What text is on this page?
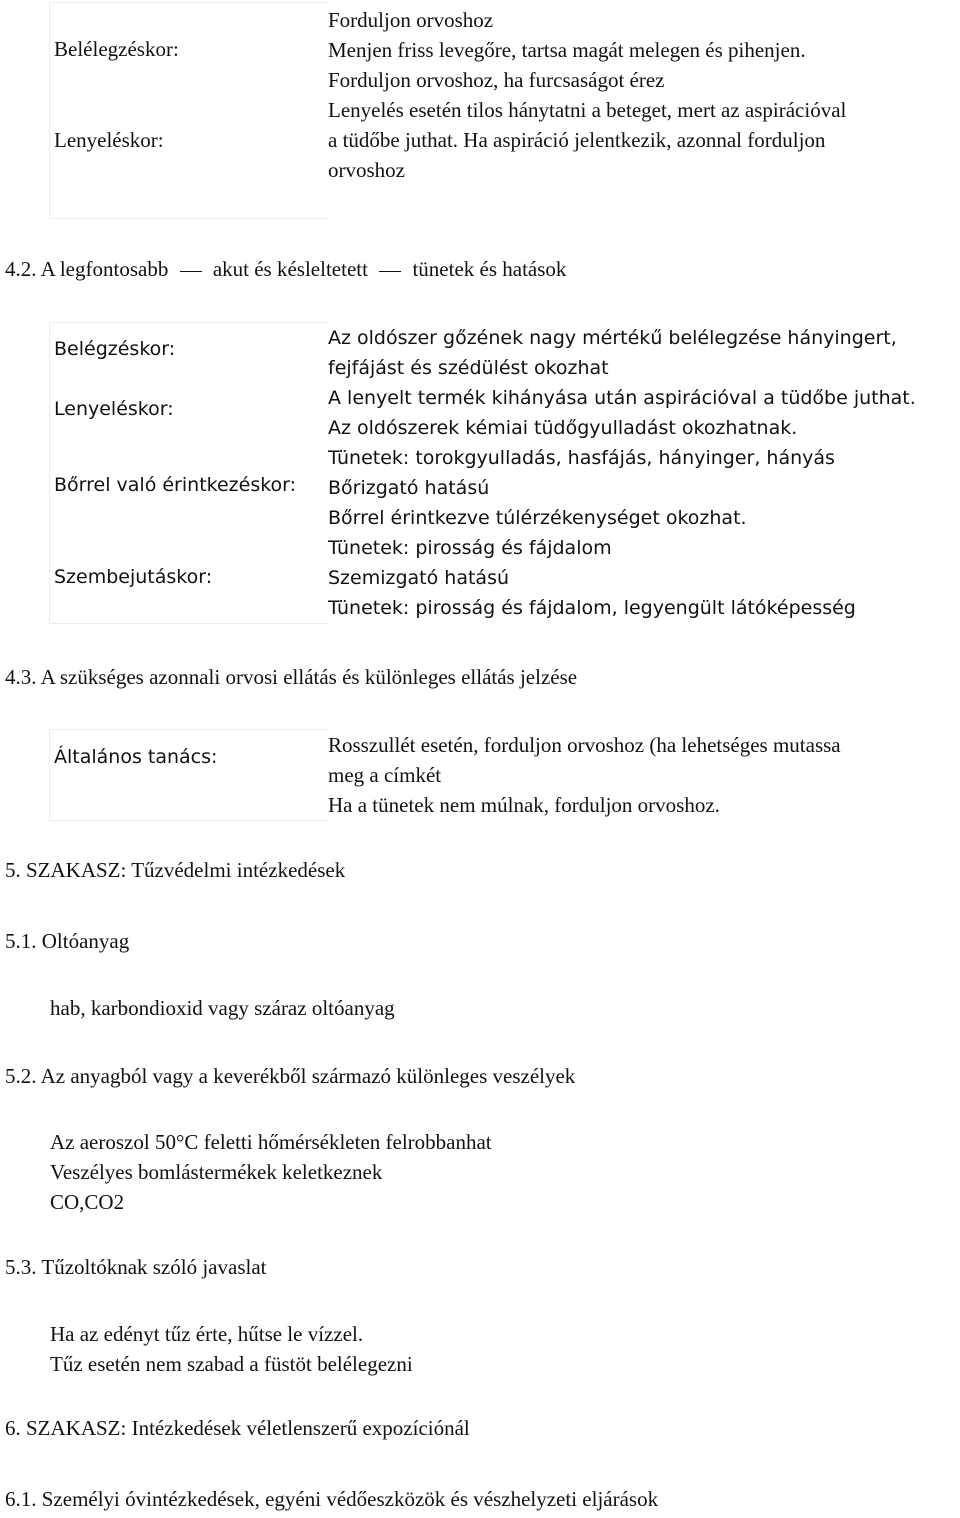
Belélegzéskor:
Lenyeléskor:
Forduljon orvoshoz
Menjen friss levegőre, tartsa magát melegen és pihenjen.
Forduljon orvoshoz, ha furcsaságot érez
Lenyelés esetén tilos hánytatni a beteget, mert az aspirációval
a tüdőbe juthat. Ha aspiráció jelentkezik, azonnal forduljon
orvoshoz
4.2. A legfontosabb akut és késleltetett tünetek és hatások
Belégzéskor:
Lenyeléskor:
Bőrrel való érintkezéskor:
Szembejutáskor:
Az oldószer gőzének nagy mértékű belélegzése hányingert,
fejfájást és szédülést okozhat
A lenyelt termék kihányása után aspirációval a tüdőbe juthat.
Az oldószerek kémiai tüdőgyulladást okozhatnak.
Tünetek: torokgyulladás, hasfájás, hányinger, hányás
Bőrizgató hatású
Bőrrel érintkezve túlérzékenységet okozhat.
Tünetek: pirosság és fájdalom
Szemizgató hatású
Tünetek: pirosság és fájdalom, legyengült látóképesség
4.3. A szükséges azonnali orvosi ellátás és különleges ellátás jelzése
Általános tanács:	Rosszullét esetén, forduljon orvoshoz (ha lehetséges mutassa
meg a címkét
Ha a tünetek nem múlnak, forduljon orvoshoz.
5. SZAKASZ: Tűzvédelmi intézkedések
5.1. Oltóanyag
hab, karbondioxid vagy száraz oltóanyag
5.2. Az anyagból vagy a keverékből származó különleges veszélyek
Az aeroszol 50°C feletti hőmérsékleten felrobbanhat
Veszélyes bomlástermékek keletkeznek
CO,CO2
5.3. Tűzoltóknak szóló javaslat
Ha az edényt tűz érte, hűtse le vízzel.
Tűz esetén nem szabad a füstöt belélegezni
6. SZAKASZ: Intézkedések véletlenszerű expozíciónál
6.1. Személyi óvintézkedések, egyéni védőeszközök és vészhelyzeti eljárások
